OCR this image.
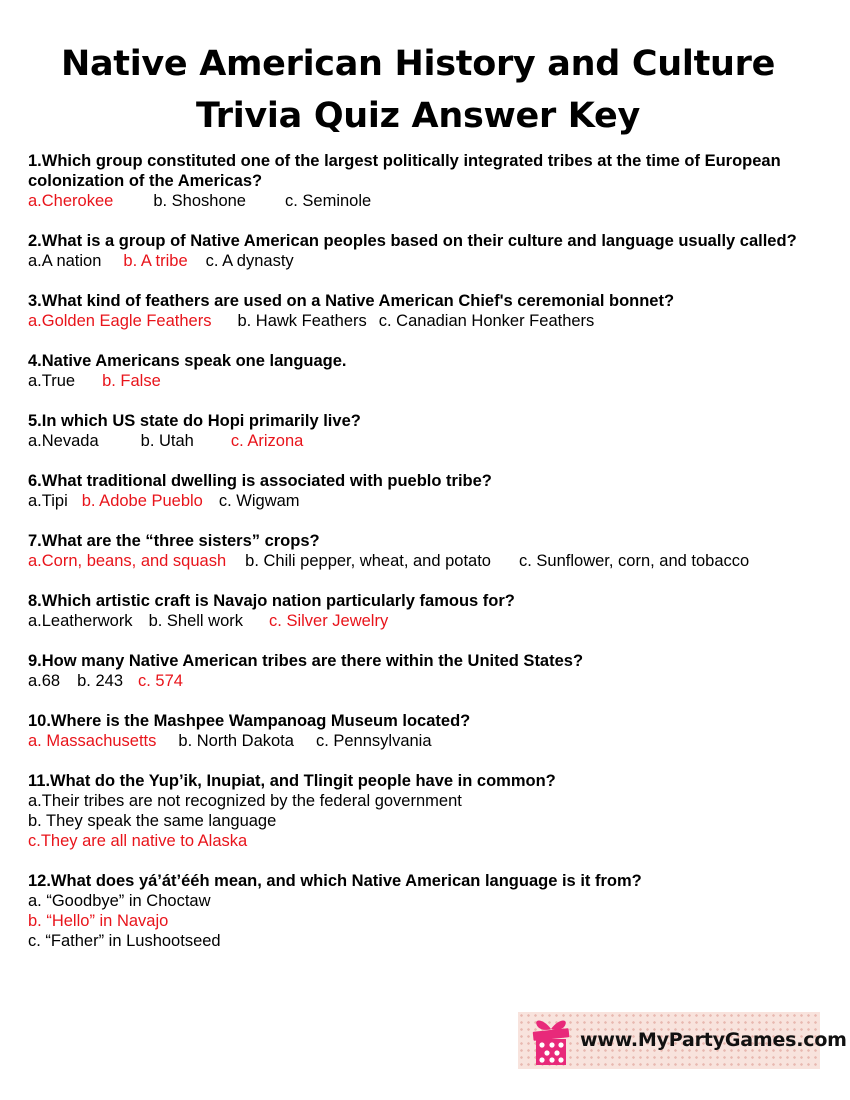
Native American History and Culture
Trivia Quiz Answer Key
1.Which group constituted one of the largest politically integrated tribes at the time of European colonization of the Americas?
a.Cherokee b. Shoshone c. Seminole
2.What is a group of Native American peoples based on their culture and language usually called?
a.A nation b. A tribe c. A dynasty
3.What kind of feathers are used on a Native American Chief's ceremonial bonnet?
a.Golden Eagle Feathers b. Hawk Feathers c. Canadian Honker Feathers
4.Native Americans speak one language.
a.True b. False
5.In which US state do Hopi primarily live?
a.Nevada	b. Utah c. Arizona
6.What traditional dwelling is associated with pueblo tribe?
a.Tipi b. Adobe Pueblo c. Wigwam
7.What are the “three sisters” crops?
a.Corn, beans, and squash b. Chili pepper, wheat, and potato c. Sunflower, corn, and tobacco
8.Which artistic craft is Navajo nation particularly famous for?
a.Leatherwork b. Shell work c. Silver Jewelry
9.How many Native American tribes are there within the United States?
a.68 b. 243 c. 574
10.Where is the Mashpee Wampanoag Museum located?
a. Massachusetts b. North Dakota c. Pennsylvania
11.What do the Yup’ik, Inupiat, and Tlingit people have in common?
a.Their tribes are not recognized by the federal government
b. They speak the same language
c.They are all native to Alaska
12.What does yá’át’ééh mean, and which Native American language is it from?
a. “Goodbye” in Choctaw
b. “Hello” in Navajo
c. “Father” in Lushootseed
www.MyPartyGames.com
